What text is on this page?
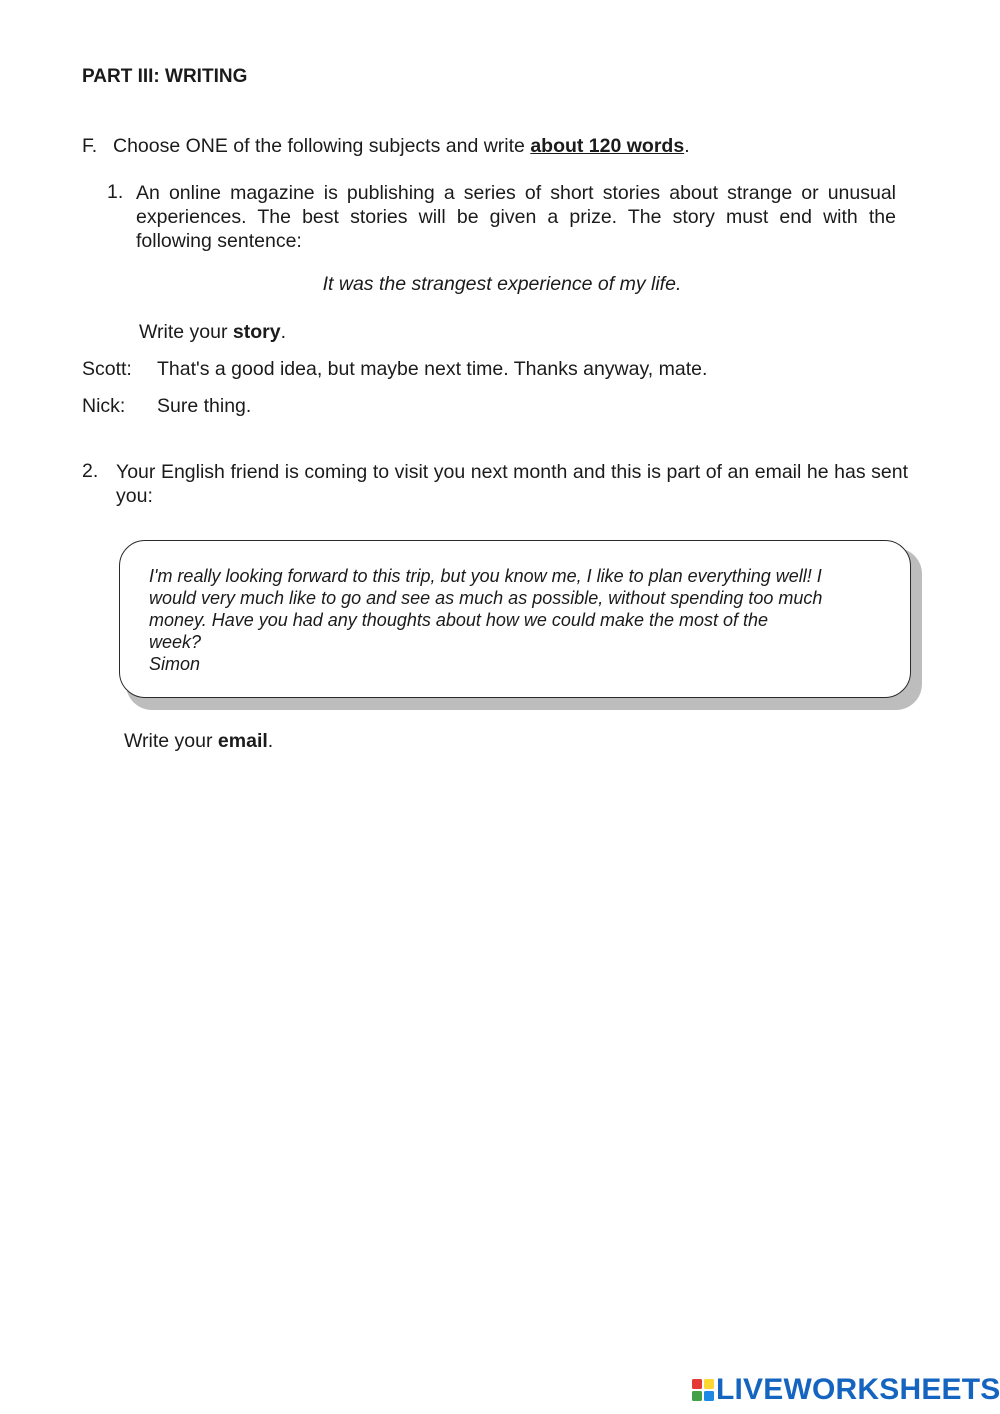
PART III: WRITING
F. Choose ONE of the following subjects and write about 120 words.
1. An online magazine is publishing a series of short stories about strange or unusual experiences. The best stories will be given a prize. The story must end with the following sentence:
It was the strangest experience of my life.
Write your story.
Scott: That's a good idea, but maybe next time. Thanks anyway, mate.
Nick: Sure thing.
2. Your English friend is coming to visit you next month and this is part of an email he has sent you:
I'm really looking forward to this trip, but you know me, I like to plan everything well! I
would very much like to go and see as much as possible, without spending too much
money. Have you had any thoughts about how we could make the most of the
week?
Simon
Write your email.
LIVEWORKSHEETS
